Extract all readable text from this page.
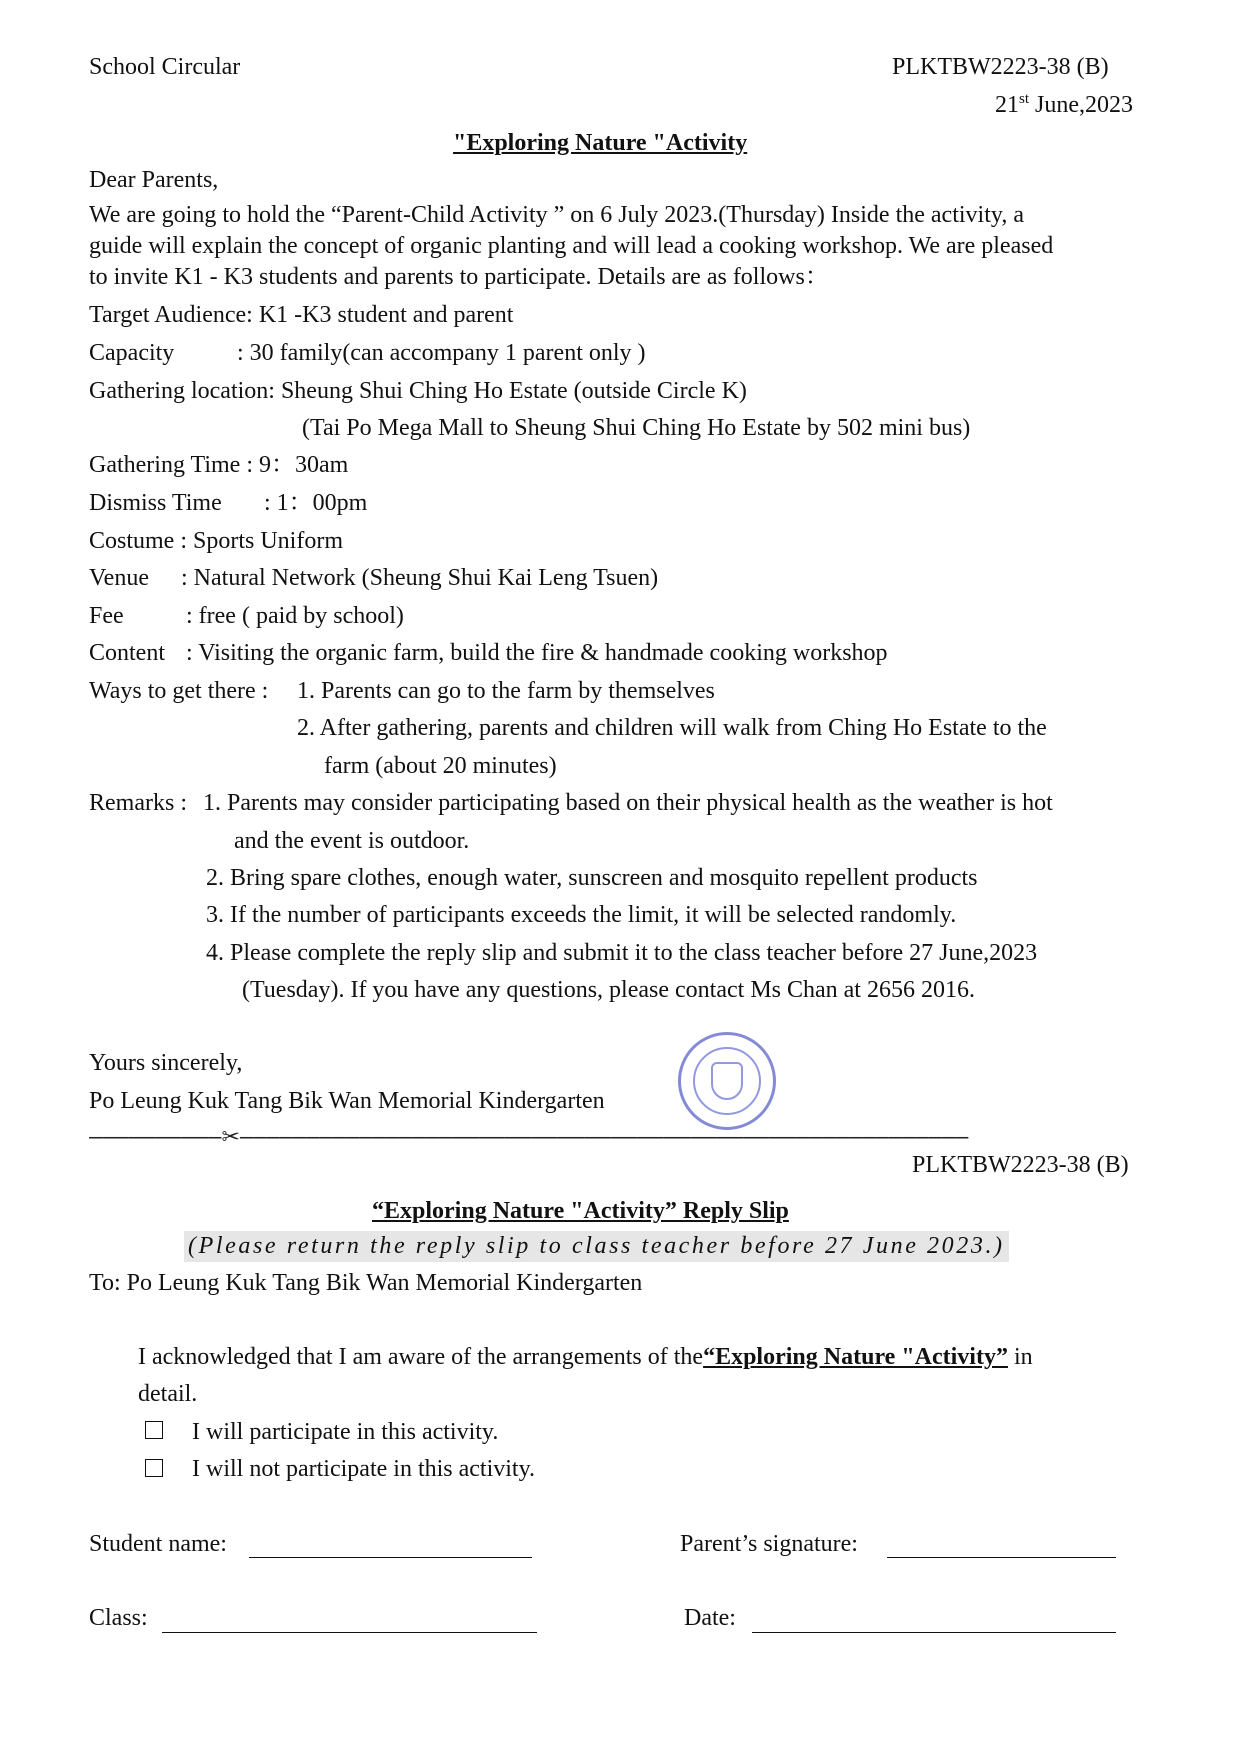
School Circular	PLKTBW2223-38 (B)
21st June,2023
"Exploring Nature "Activity
Dear Parents,
We are going to hold the “Parent-Child Activity ” on 6 July 2023.(Thursday) Inside the activity, a
guide will explain the concept of organic planting and will lead a cooking workshop. We are pleased
to invite K1 - K3 students and parents to participate. Details are as follows：
Target Audience: K1 -K3 student and parent
Capacity	: 30 family(can accompany 1 parent only )
Gathering location: Sheung Shui Ching Ho Estate (outside Circle K)
(Tai Po Mega Mall to Sheung Shui Ching Ho Estate by 502 mini bus)
Gathering Time : 9：30am
Dismiss Time : 1：00pm
Costume : Sports Uniform
Venue : Natural Network (Sheung Shui Kai Leng Tsuen)
Fee	: free ( paid by school)
Content : Visiting the organic farm, build the fire & handmade cooking workshop
Ways to get there : 1. Parents can go to the farm by themselves
2. After gathering, parents and children will walk from Ching Ho Estate to the
farm (about 20 minutes)
Remarks : 1. Parents may consider participating based on their physical health as the weather is hot
and the event is outdoor.
2. Bring spare clothes, enough water, sunscreen and mosquito repellent products
3. If the number of participants exceeds the limit, it will be selected randomly.
4. Please complete the reply slip and submit it to the class teacher before 27 June,2023
(Tuesday). If you have any questions, please contact Ms Chan at 2656 2016.
Yours sincerely,
Po Leung Kuk Tang Bik Wan Memorial Kindergarten
––––––––––✂–––––––––––––––––––––––––––––––––––––––––––––––––––––––
PLKTBW2223-38 (B)
“Exploring Nature "Activity” Reply Slip
(Please return the reply slip to class teacher before 27 June 2023.)
To: Po Leung Kuk Tang Bik Wan Memorial Kindergarten
I acknowledged that I am aware of the arrangements of the“Exploring Nature "Activity” in
detail.
I will participate in this activity.
I will not participate in this activity.
Student name:	Parent’s signature:
Class:	Date:
